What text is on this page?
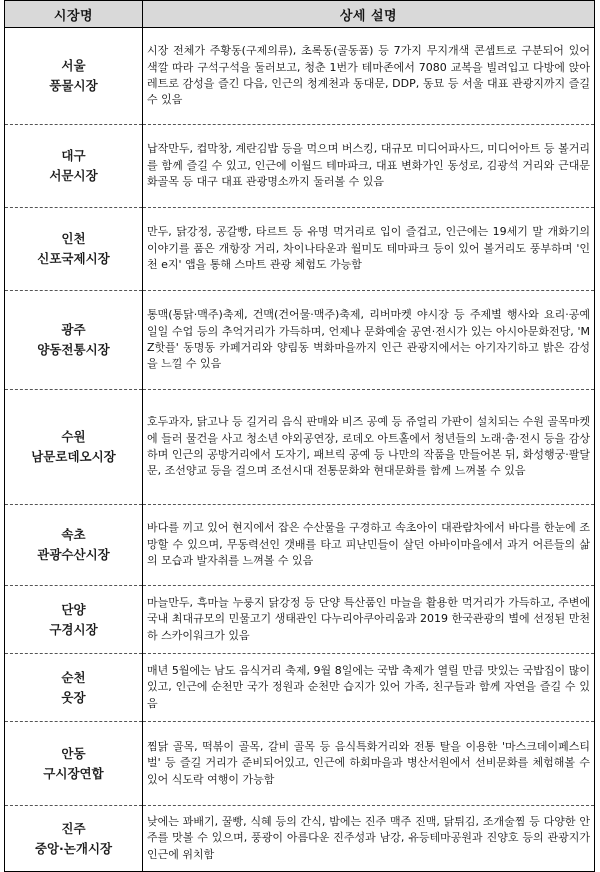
시장명	상세 설명

서울
풍물시장	시장 전체가 주황동(구제의류), 초록동(골동품) 등 7가지 무지개색 콘셉트로 구분되어 있어 색깔 따라 구석구석을 둘러보고, 청춘 1번가 테마존에서 7080 교복을 빌려입고 다방에 앉아 레트로 감성을 즐긴 다음, 인근의 청계천과 동대문, DDP, 동묘 등 서울 대표 관광지까지 즐길 수 있음

대구
서문시장	납작만두, 컵막창, 계란김밥 등을 먹으며 버스킹, 대규모 미디어파사드, 미디어아트 등 볼거리를 함께 즐길 수 있고, 인근에 이월드 테마파크, 대표 변화가인 동성로, 김광석 거리와 근대문화골목 등 대구 대표 관광명소까지 둘러볼 수 있음

인천
신포국제시장	만두, 닭강정, 공갈빵, 타르트 등 유명 먹거리로 입이 즐겁고, 인근에는 19세기 말 개화기의 이야기를 품은 개항장 거리, 차이나타운과 월미도 테마파크 등이 있어 볼거리도 풍부하며 '인천 e지' 앱을 통해 스마트 관광 체험도 가능함

광주
양동전통시장	통맥(통닭·맥주)축제, 건맥(건어물·맥주)축제, 리버마켓 야시장 등 주제별 행사와 요리·공예 일일 수업 등의 추억거리가 가득하며, 언제나 문화예술 공연·전시가 있는 아시아문화전당, 'MZ핫플' 동명동 카페거리와 양림동 벽화마을까지 인근 관광지에서는 아기자기하고 밝은 감성을 느낄 수 있음

수원
남문로데오시장	호두과자, 닭고나 등 길거리 음식 판매와 비즈 공예 등 쥬얼리 가판이 설치되는 수원 골목마켓에 들러 물건을 사고 청소년 야외공연장, 로데오 아트홀에서 청년들의 노래·춤·전시 등을 감상하며 인근의 공방거리에서 도자기, 패브릭 공예 등 나만의 작품을 만들어본 뒤, 화성행궁·팔달문, 조선양교 등을 걸으며 조선시대 전통문화와 현대문화를 함께 느껴볼 수 있음

속초
관광수산시장	바다를 끼고 있어 현지에서 잡은 수산물을 구경하고 속초아이 대관람차에서 바다를 한눈에 조망할 수 있으며, 무동력선인 갯배를 타고 피난민들이 살던 아바이마을에서 과거 어른들의 삶의 모습과 발자취를 느껴볼 수 있음

단양
구경시장	마늘만두, 흑마늘 누룽지 닭강정 등 단양 특산품인 마늘을 활용한 먹거리가 가득하고, 주변에 국내 최대규모의 민물고기 생태관인 다누리아쿠아리움과 2019 한국관광의 별에 선정된 만천하 스카이워크가 있음

순천
웃장	매년 5월에는 남도 음식거리 축제, 9월 8일에는 국밥 축제가 열릴 만큼 맛있는 국밥집이 많이 있고, 인근에 순천만 국가 정원과 순천만 습지가 있어 가족, 친구들과 함께 자연을 즐길 수 있음

안동
구시장연합	찜닭 골목, 떡볶이 골목, 갈비 골목 등 음식특화거리와 전통 탈을 이용한 '마스크데이페스티벌' 등 즐길 거리가 준비되어있고, 인근에 하회마을과 병산서원에서 선비문화를 체험해볼 수 있어 식도락 여행이 가능함

진주
중앙·논개시장	낮에는 꽈배기, 꿀빵, 식혜 등의 간식, 밤에는 진주 맥주 진맥, 닭튀김, 조개술찜 등 다양한 안주를 맛볼 수 있으며, 풍광이 아름다운 진주성과 남강, 유등테마공원과 진양호 등의 관광지가 인근에 위치함
